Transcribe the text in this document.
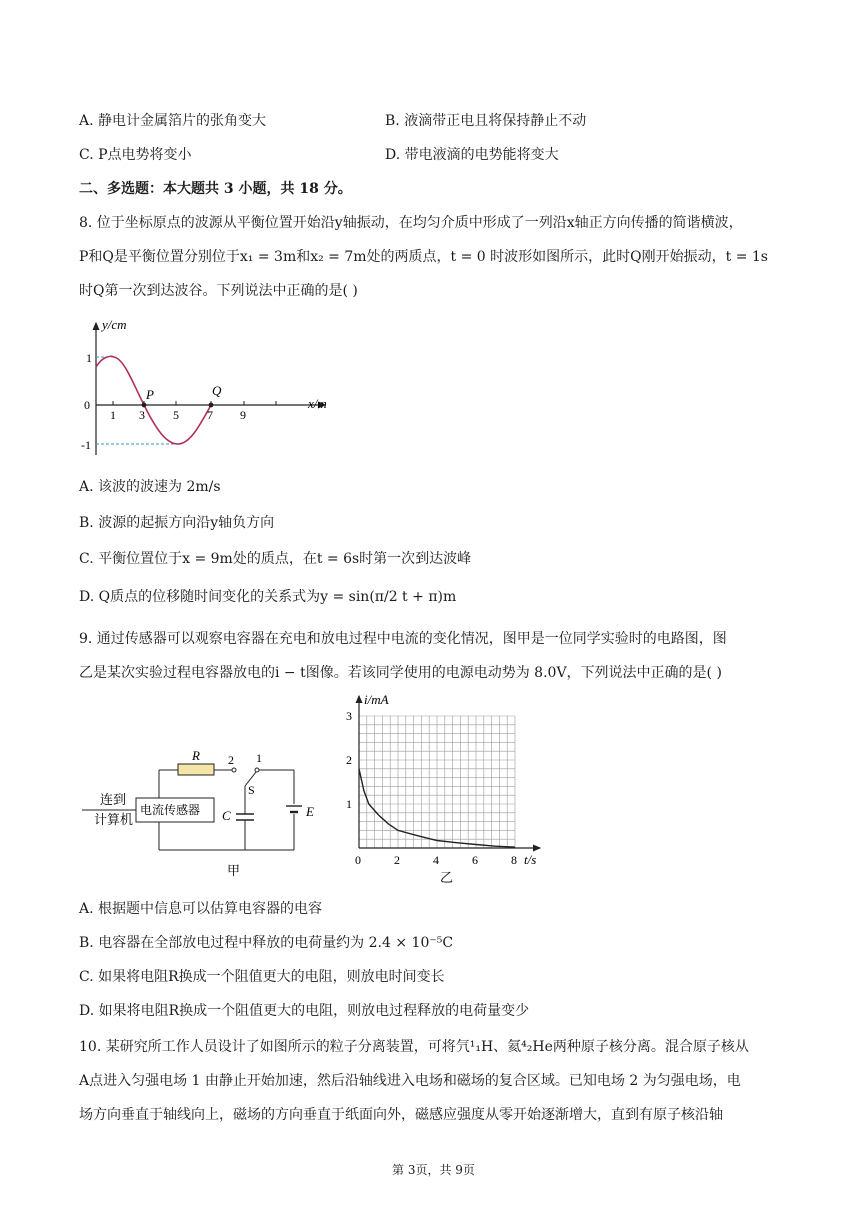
A. 静电计金属箔片的张角变大	B. 液滴带正电且将保持静止不动
C. P点电势将变小	D. 带电液滴的电势能将变大
二、多选题：本大题共 3 小题，共 18 分。
8. 位于坐标原点的波源从平衡位置开始沿y轴振动，在均匀介质中形成了一列沿x轴正方向传播的简谐横波，
P和Q是平衡位置分别位于x₁ = 3m和x₂ = 7m处的两质点，t = 0 时波形如图所示，此时Q刚开始振动，t = 1s
时Q第一次到达波谷。下列说法中正确的是( )
y/cm
x/m
1
-1
0
1 3 5 7 9
P	Q
A. 该波的波速为 2m/s
B. 波源的起振方向沿y轴负方向
C. 平衡位置位于x = 9m处的质点，在t = 6s时第一次到达波峰
D. Q质点的位移随时间变化的关系式为y = sin(π/2 t + π)m
9. 通过传感器可以观察电容器在充电和放电过程中电流的变化情况，图甲是一位同学实验时的电路图，图
乙是某次实验过程电容器放电的i − t图像。若该同学使用的电源电动势为 8.0V，下列说法中正确的是( )
R 2 1
S
C	E
连到
计算机
电流传感器
甲
i/mA
t/s
1
2
3
0	2	4	6	8
乙
A. 根据题中信息可以估算电容器的电容
B. 电容器在全部放电过程中释放的电荷量约为 2.4 × 10⁻⁵C
C. 如果将电阻R换成一个阻值更大的电阻，则放电时间变长
D. 如果将电阻R换成一个阻值更大的电阻，则放电过程释放的电荷量变少
10. 某研究所工作人员设计了如图所示的粒子分离装置，可将氕¹₁H、氦⁴₂He两种原子核分离。混合原子核从
A点进入匀强电场 1 由静止开始加速，然后沿轴线进入电场和磁场的复合区域。已知电场 2 为匀强电场，电
场方向垂直于轴线向上，磁场的方向垂直于纸面向外，磁感应强度从零开始逐渐增大，直到有原子核沿轴
第 3页，共 9页
